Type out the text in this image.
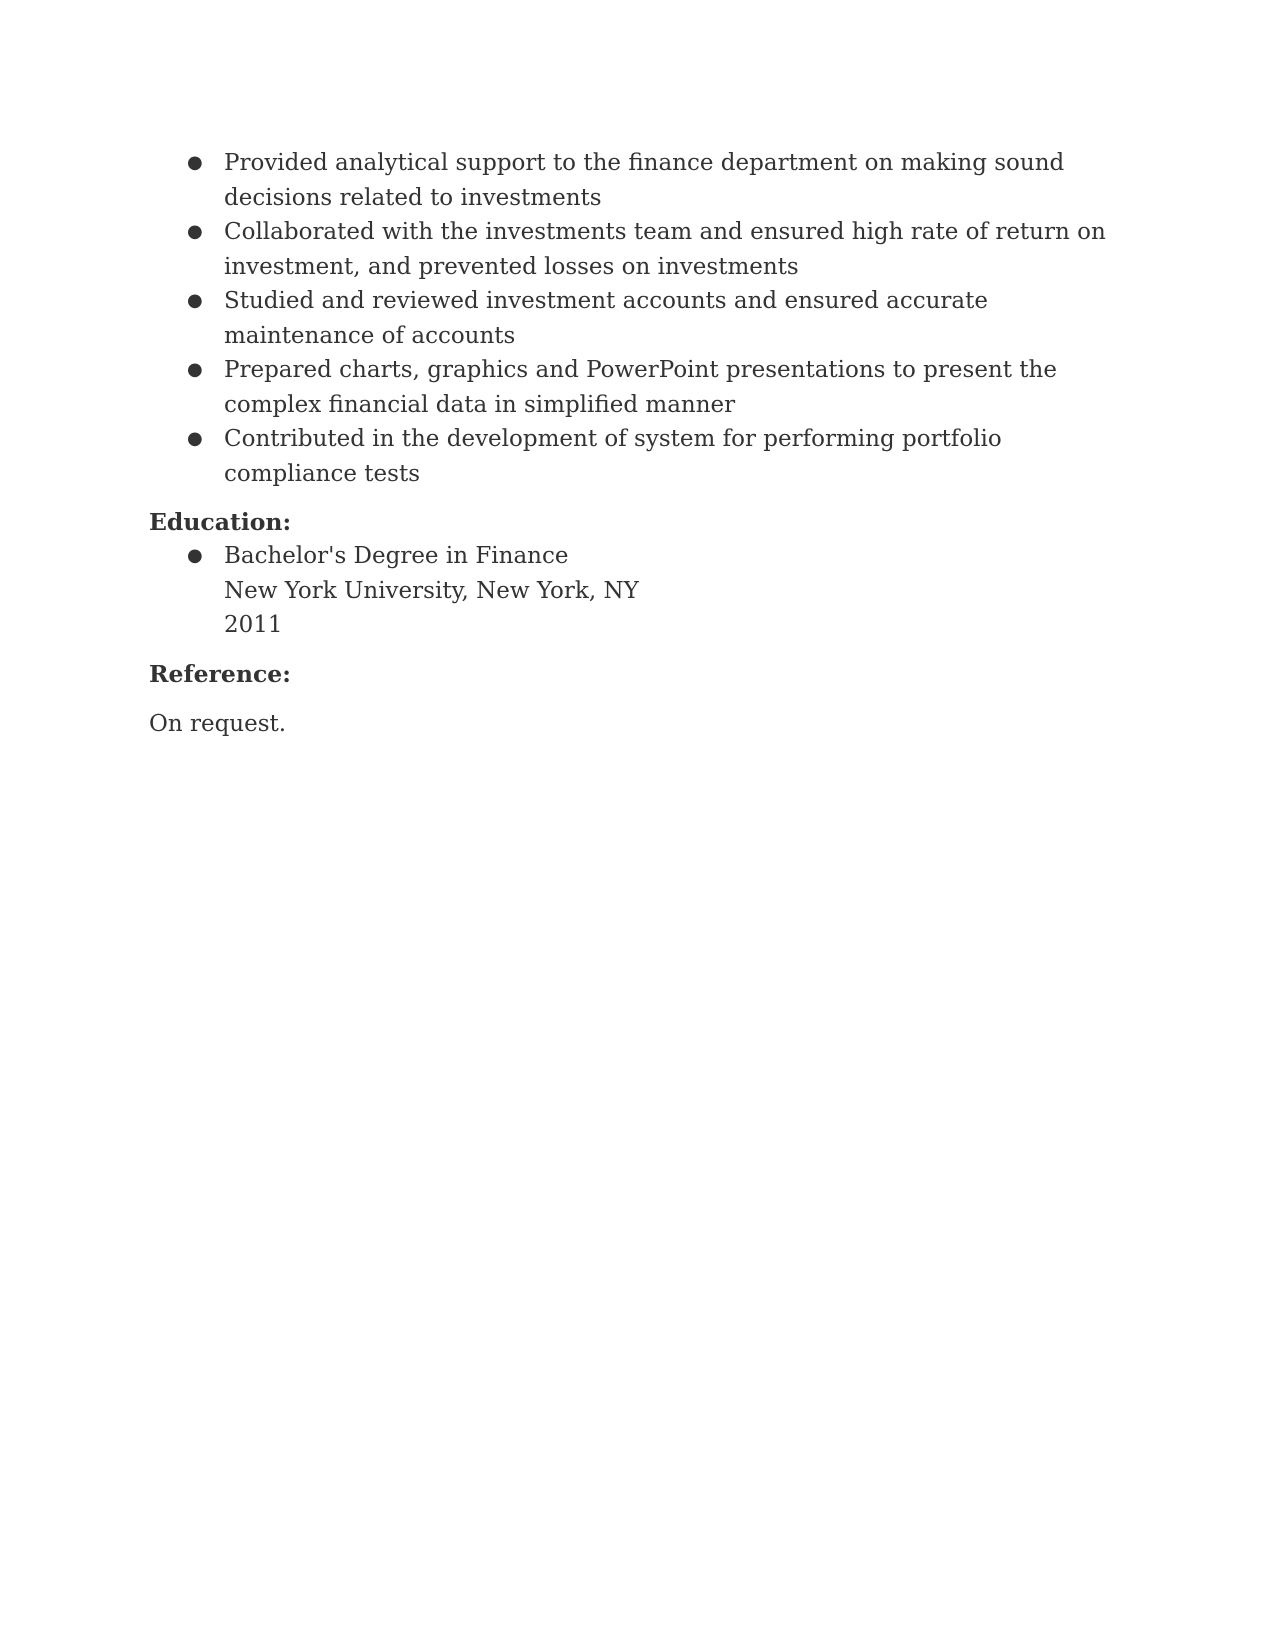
● Provided analytical support to the finance department on making sound decisions related to investments
● Collaborated with the investments team and ensured high rate of return on investment, and prevented losses on investments
● Studied and reviewed investment accounts and ensured accurate maintenance of accounts
● Prepared charts, graphics and PowerPoint presentations to present the complex financial data in simplified manner
● Contributed in the development of system for performing portfolio compliance tests
Education:
● Bachelor's Degree in Finance
New York University, New York, NY
2011
Reference:
On request.
